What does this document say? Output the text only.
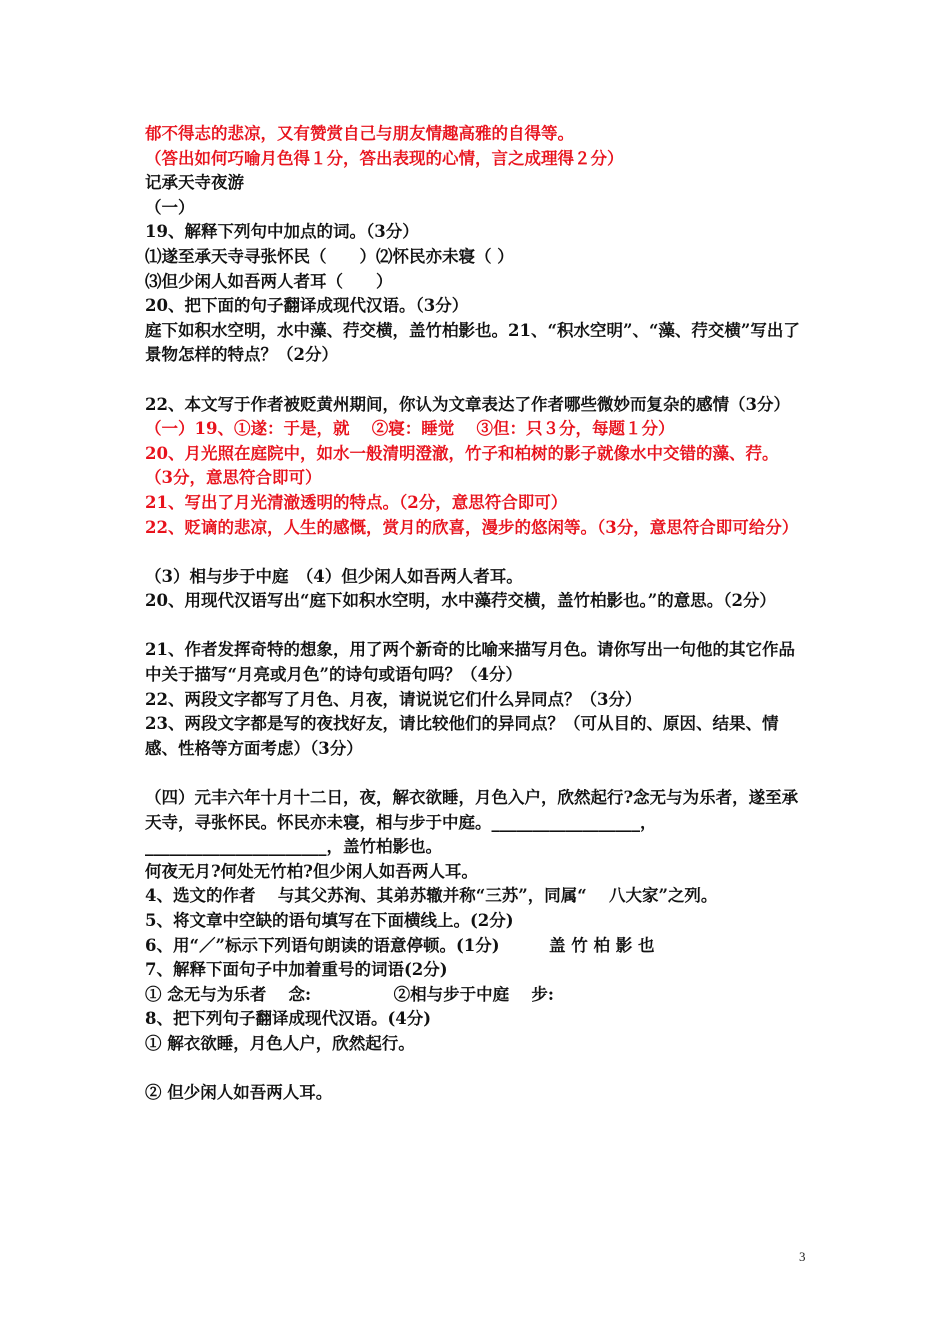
郁不得志的悲凉，又有赞赏自己与朋友情趣高雅的自得等。
（答出如何巧喻月色得１分，答出表现的心情，言之成理得２分）
记承天寺夜游
（一）
19、解释下列句中加点的词。（3分）
⑴遂至承天寺寻张怀民（　　）⑵怀民亦未寝（ ）
⑶但少闲人如吾两人者耳（　　）
20、把下面的句子翻译成现代汉语。（3分）
庭下如积水空明，水中藻、荇交横，盖竹柏影也。21、“积水空明”、“藻、荇交横”写出了景物怎样的特点？（2分）
22、本文写于作者被贬黄州期间，你认为文章表达了作者哪些微妙而复杂的感情（3分）
（一）19、①遂：于是，就　 ②寝：睡觉　 ③但：只３分，每题１分）
20、月光照在庭院中，如水一般清明澄澈，竹子和柏树的影子就像水中交错的藻、荇。
（3分，意思符合即可）
21、写出了月光清澈透明的特点。（2分，意思符合即可）
22、贬谪的悲凉，人生的感慨，赏月的欣喜，漫步的悠闲等。（3分，意思符合即可给分）
（3）相与步于中庭　（4）但少闲人如吾两人者耳。
20、用现代汉语写出“庭下如积水空明，水中藻荇交横，盖竹柏影也。”的意思。（2分）
21、作者发挥奇特的想象，用了两个新奇的比喻来描写月色。请你写出一句他的其它作品中关于描写“月亮或月色”的诗句或语句吗？（4分）
22、两段文字都写了月色、月夜，请说说它们什么异同点？（3分）
23、两段文字都是写的夜找好友，请比较他们的异同点？（可从目的、原因、结果、情感、性格等方面考虑）（3分）
（四）元丰六年十月十二日，夜，解衣欲睡，月色入户，欣然起行?念无与为乐者，遂至承天寺，寻张怀民。怀民亦未寝，相与步于中庭。__________________，______________________，盖竹柏影也。
何夜无月?何处无竹柏?但少闲人如吾两人耳。
4、选文的作者　 与其父苏洵、其弟苏辙并称“三苏”，同属“　 八大家”之列。
5、将文章中空缺的语句填写在下面横线上。(2分)
6、用“／”标示下列语句朗读的语意停顿。(1分)　　　盖 竹 柏 影 也
7、解释下面句子中加着重号的词语(2分)
① 念无与为乐者　 念:　　　　　②相与步于中庭　 步:
8、把下列句子翻译成现代汉语。(4分)
① 解衣欲睡，月色人户，欣然起行。
② 但少闲人如吾两人耳。
3
